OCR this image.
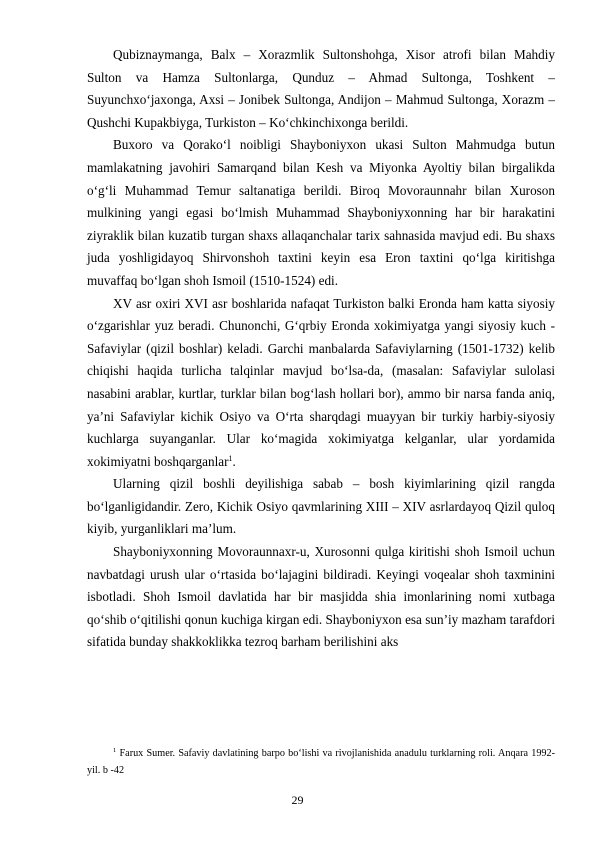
Qubiznaymanga, Balx – Xorazmlik Sultonshohga, Xisor atrofi bilan Mahdiy Sulton va Hamza Sultonlarga, Qunduz – Ahmad Sultonga, Toshkent – Suyunchxo‘jaxonga, Axsi – Jonibek Sultonga, Andijon – Mahmud Sultonga, Xorazm – Qushchi Kupakbiyga, Turkiston – Ko‘chkinchixonga berildi.

Buxoro va Qorako‘l noibligi Shayboniyxon ukasi Sulton Mahmudga butun mamlakatning javohiri Samarqand bilan Kesh va Miyonka Ayoltiy bilan birgalikda o‘g‘li Muhammad Temur saltanatiga berildi. Biroq Movoraunnahr bilan Xuroson mulkining yangi egasi bo‘lmish Muhammad Shayboniyxonning har bir harakatini ziyraklik bilan kuzatib turgan shaxs allaqanchalar tarix sahnasida mavjud edi. Bu shaxs juda yoshligidayoq Shirvonshoh taxtini keyin esa Eron taxtini qo‘lga kiritishga muvaffaq bo‘lgan shoh Ismoil (1510-1524) edi.

XV asr oxiri XVI asr boshlarida nafaqat Turkiston balki Eronda ham katta siyosiy o‘zgarishlar yuz beradi. Chunonchi, G‘qrbiy Eronda xokimiyatga yangi siyosiy kuch - Safaviylar (qizil boshlar) keladi. Garchi manbalarda Safaviylarning (1501-1732) kelib chiqishi haqida turlicha talqinlar mavjud bo‘lsa-da, (masalan: Safaviylar sulolasi nasabini arablar, kurtlar, turklar bilan bog‘lash hollari bor), ammo bir narsa fanda aniq, ya’ni Safaviylar kichik Osiyo va O‘rta sharqdagi muayyan bir turkiy harbiy-siyosiy kuchlarga suyanganlar. Ular ko‘magida xokimiyatga kelganlar, ular yordamida xokimiyatni boshqarganlar$^1$.

Ularning qizil boshli deyilishiga sabab – bosh kiyimlarining qizil rangda bo‘lganligidandir. Zero, Kichik Osiyo qavmlarining XIII – XIV asrlardayoq Qizil quloq kiyib, yurganliklari ma’lum.

Shayboniyxonning Movoraunnaxr-u, Xurosonni qulga kiritishi shoh Ismoil uchun navbatdagi urush ular o‘rtasida bo‘lajagini bildiradi. Keyingi voqealar shoh taxminini isbotladi. Shoh Ismoil davlatida har bir masjidda shia imonlarining nomi xutbaga qo‘shib o‘qitilishi qonun kuchiga kirgan edi. Shayboniyxon esa sun’iy mazham tarafdori sifatida bunday shakkoklikka tezroq barham berilishini aks

$^1$ Farux Sumer. Safaviy davlatining barpo bo‘lishi va rivojlanishida anadulu turklarning roli. Anqara 1992-yil. b -42

29
